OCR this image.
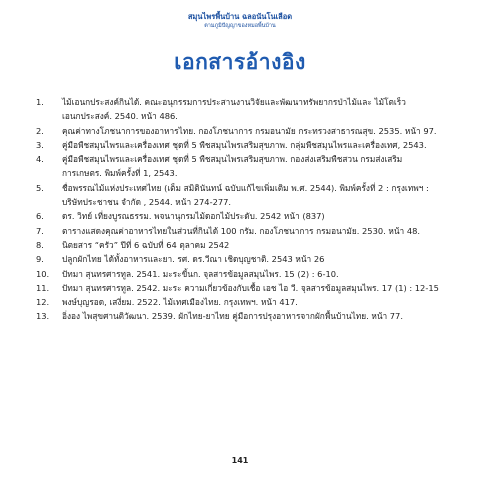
สมุนไพรพื้นบ้าน ฉลอนันโนเลือด
ตามภูมิปัญญาของหมอพื้นบ้าน
เอกสารอ้างอิง
1.	ไม้เอนกประสงค์กินได้. คณะอนุกรรมการประสานงานวิจัยและพัฒนาทรัพยากรป่าไม้และ ไม้โตเร็วเอนกประสงค์. 2540. หน้า 486.
2.	คุณค่าทางโภชนาการของอาหารไทย. กองโภชนาการ กรมอนามัย กระทรวงสาธารณสุข. 2535. หน้า 97.
3.	คู่มือพืชสมุนไพรและเครื่องเทศ ชุดที่ 5 พืชสมุนไพรเสริมสุขภาพ. กลุ่มพืชสมุนไพรและเครื่องเทศ, 2543.
4.	คู่มือพืชสมุนไพรและเครื่องเทศ ชุดที่ 5 พืชสมุนไพรเสริมสุขภาพ. กองส่งเสริมพืชสวน กรมส่งเสริมการเกษตร. พิมพ์ครั้งที่ 1, 2543.
5.	ชื่อพรรณไม้แห่งประเทศไทย (เต็ม สมิตินันทน์ ฉบับแก้ไขเพิ่มเติม พ.ศ. 2544). พิมพ์ครั้งที่ 2 : กรุงเทพฯ : บริษัทประชาชน จำกัด , 2544. หน้า 274-277.
6.	ดร. วิทย์ เที่ยงบูรณธรรม. พจนานุกรมไม้ดอกไม้ประดับ. 2542 หน้า (837)
7.	ตารางแสดงคุณค่าอาหารไทยในส่วนที่กินได้ 100 กรัม. กองโภชนาการ กรมอนามัย. 2530. หน้า 48.
8.	นิตยสาร “ครัว” ปีที่ 6 ฉบับที่ 64 ตุลาคม 2542
9.	ปลูกผักไทย ได้ทั้งอาหารและยา. รศ. ดร.วีณา เชิดบุญชาติ. 2543 หน้า 26
10.	ปัทมา สุนทรศารทูล. 2541. มะระขี้นก. จุลสารข้อมูลสมุนไพร. 15 (2) : 6-10.
11.	ปัทมา สุนทรศารทูล. 2542. มะระ ความเกี่ยวข้องกับเชื้อ เอช ไอ วี. จุลสารข้อมูลสมุนไพร. 17 (1) : 12-15
12.	พงษ์บุญรอด, เสงี่ยม. 2522. ไม้เทศเมืองไทย. กรุงเทพฯ. หน้า 417.
13.	อิ่งอง ไพสุขศานติวัฒนา. 2539. ผักไทย-ยาไทย คู่มือการปรุงอาหารจากผักพื้นบ้านไทย. หน้า 77.
141
